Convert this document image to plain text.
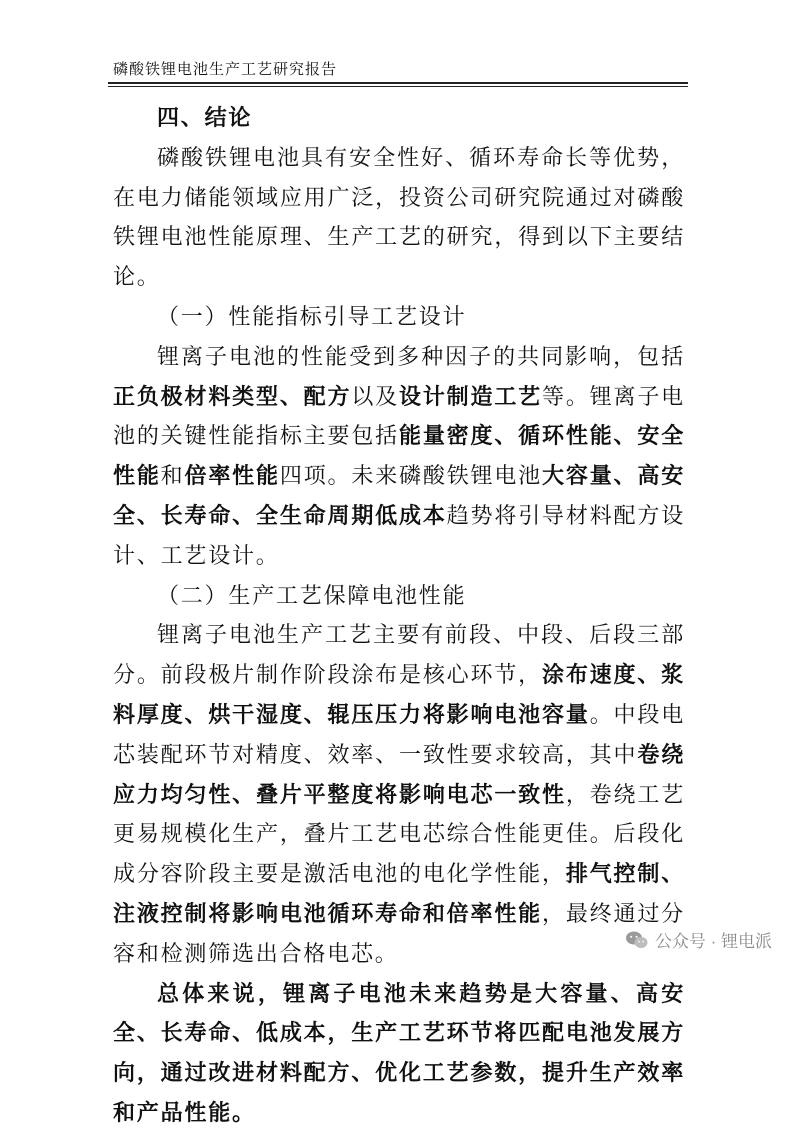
磷酸铁锂电池生产工艺研究报告
四、结论

磷酸铁锂电池具有安全性好、循环寿命长等优势，在电力储能领域应用广泛，投资公司研究院通过对磷酸铁锂电池性能原理、生产工艺的研究，得到以下主要结论。

（一）性能指标引导工艺设计

锂离子电池的性能受到多种因子的共同影响，包括正负极材料类型、配方以及设计制造工艺等。锂离子电池的关键性能指标主要包括能量密度、循环性能、安全性能和倍率性能四项。未来磷酸铁锂电池大容量、高安全、长寿命、全生命周期低成本趋势将引导材料配方设计、工艺设计。

（二）生产工艺保障电池性能

锂离子电池生产工艺主要有前段、中段、后段三部分。前段极片制作阶段涂布是核心环节，涂布速度、浆料厚度、烘干湿度、辊压压力将影响电池容量。中段电芯装配环节对精度、效率、一致性要求较高，其中卷绕应力均匀性、叠片平整度将影响电芯一致性，卷绕工艺更易规模化生产，叠片工艺电芯综合性能更佳。后段化成分容阶段主要是激活电池的电化学性能，排气控制、注液控制将影响电池循环寿命和倍率性能，最终通过分容和检测筛选出合格电芯。

总体来说，锂离子电池未来趋势是大容量、高安全、长寿命、低成本，生产工艺环节将匹配电池发展方向，通过改进材料配方、优化工艺参数，提升生产效率和产品性能。

公众号 · 锂电派
